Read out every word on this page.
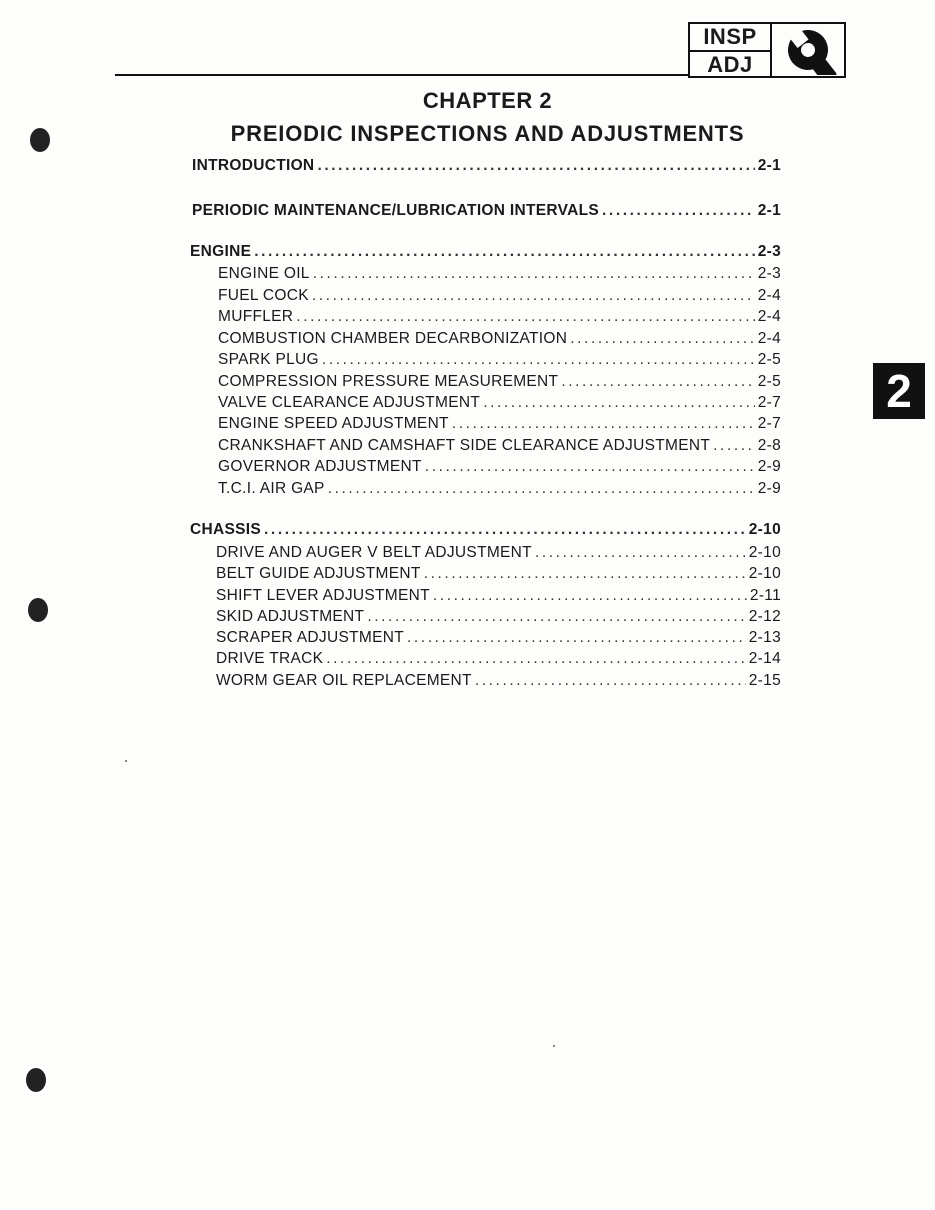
INSP
ADJ
CHAPTER 2
PREIODIC INSPECTIONS AND ADJUSTMENTS
2
INTRODUCTION .....	2-1
PERIODIC MAINTENANCE/LUBRICATION INTERVALS .....	2-1
ENGINE .....	2-3
ENGINE OIL .....	2-3
FUEL COCK .....	2-4
MUFFLER .....	2-4
COMBUSTION CHAMBER DECARBONIZATION .....	2-4
SPARK PLUG .....	2-5
COMPRESSION PRESSURE MEASUREMENT .....	2-5
VALVE CLEARANCE ADJUSTMENT .....	2-7
ENGINE SPEED ADJUSTMENT .....	2-7
CRANKSHAFT AND CAMSHAFT SIDE CLEARANCE ADJUSTMENT .....	2-8
GOVERNOR ADJUSTMENT .....	2-9
T.C.I. AIR GAP .....	2-9
CHASSIS .....	2-10
DRIVE AND AUGER V BELT ADJUSTMENT .....	2-10
BELT GUIDE ADJUSTMENT .....	2-10
SHIFT LEVER ADJUSTMENT .....	2-11
SKID ADJUSTMENT .....	2-12
SCRAPER ADJUSTMENT .....	2-13
DRIVE TRACK .....	2-14
WORM GEAR OIL REPLACEMENT .....	2-15
